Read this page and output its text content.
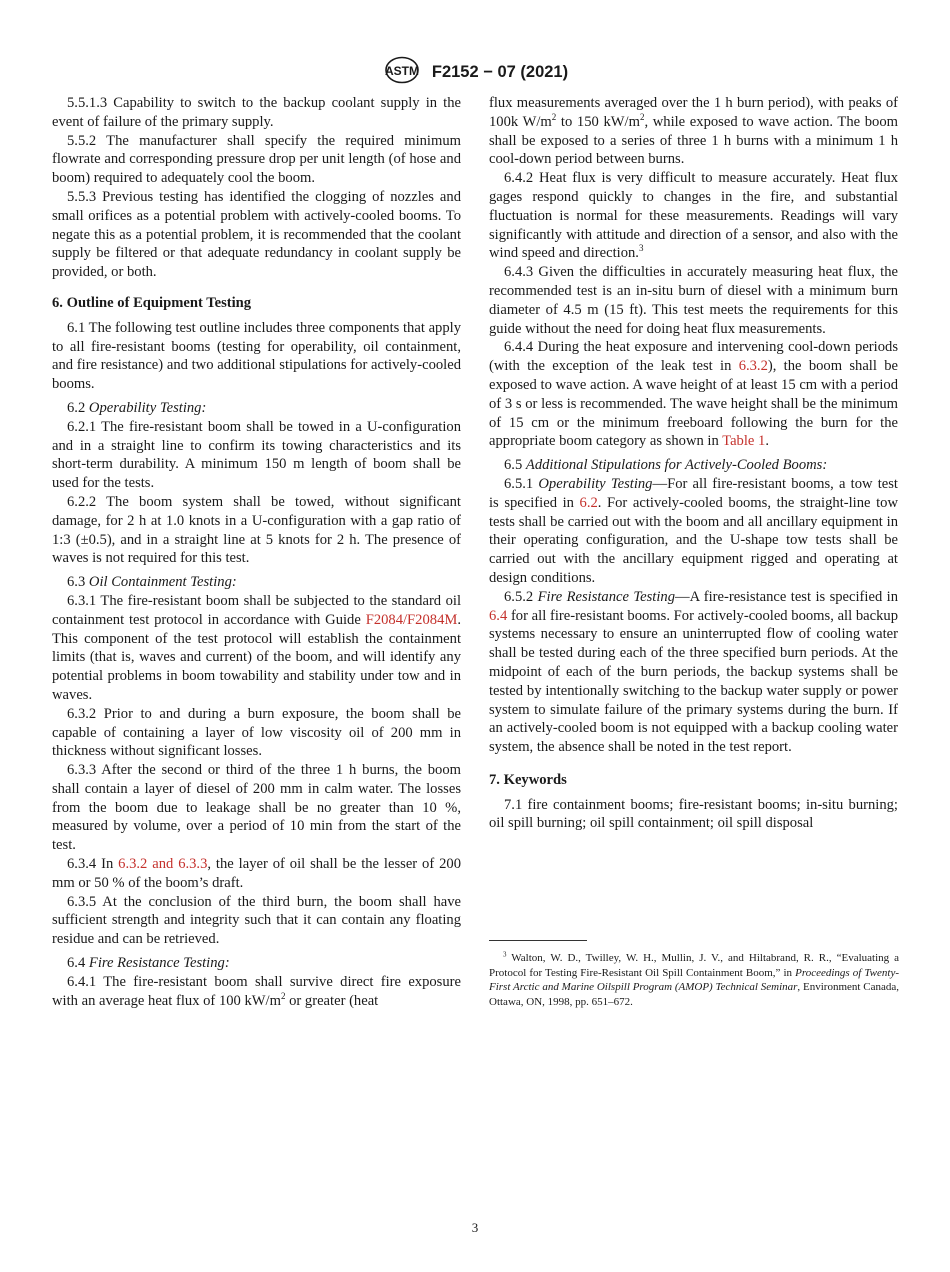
ASTM F2152 − 07 (2021)

5.5.1.3 Capability to switch to the backup coolant supply in the event of failure of the primary supply.

5.5.2 The manufacturer shall specify the required minimum flowrate and corresponding pressure drop per unit length (of hose and boom) required to adequately cool the boom.

5.5.3 Previous testing has identified the clogging of nozzles and small orifices as a potential problem with actively-cooled booms. To negate this as a potential problem, it is recommended that the coolant supply be filtered or that adequate redundancy in coolant supply be provided, or both.

6. Outline of Equipment Testing

6.1 The following test outline includes three components that apply to all fire-resistant booms (testing for operability, oil containment, and fire resistance) and two additional stipulations for actively-cooled booms.

6.2 Operability Testing:

6.2.1 The fire-resistant boom shall be towed in a U-configuration and in a straight line to confirm its towing characteristics and its short-term durability. A minimum 150 m length of boom shall be used for the tests.

6.2.2 The boom system shall be towed, without significant damage, for 2 h at 1.0 knots in a U-configuration with a gap ratio of 1:3 (±0.5), and in a straight line at 5 knots for 2 h. The presence of waves is not required for this test.

6.3 Oil Containment Testing:

6.3.1 The fire-resistant boom shall be subjected to the standard oil containment test protocol in accordance with Guide F2084/F2084M. This component of the test protocol will establish the containment limits (that is, waves and current) of the boom, and will identify any potential problems in boom towability and stability under tow and in waves.

6.3.2 Prior to and during a burn exposure, the boom shall be capable of containing a layer of low viscosity oil of 200 mm in thickness without significant losses.

6.3.3 After the second or third of the three 1 h burns, the boom shall contain a layer of diesel of 200 mm in calm water. The losses from the boom due to leakage shall be no greater than 10 %, measured by volume, over a period of 10 min from the start of the test.

6.3.4 In 6.3.2 and 6.3.3, the layer of oil shall be the lesser of 200 mm or 50 % of the boom’s draft.

6.3.5 At the conclusion of the third burn, the boom shall have sufficient strength and integrity such that it can contain any floating residue and can be retrieved.

6.4 Fire Resistance Testing:

6.4.1 The fire-resistant boom shall survive direct fire exposure with an average heat flux of 100 $kW/m^2$ or greater (heat

flux measurements averaged over the 1 h burn period), with peaks of 100k $W/m^2$ to 150 $kW/m^2$, while exposed to wave action. The boom shall be exposed to a series of three 1 h burns with a minimum 1 h cool-down period between burns.

6.4.2 Heat flux is very difficult to measure accurately. Heat flux gages respond quickly to changes in the fire, and substantial fluctuation is normal for these measurements. Readings will vary significantly with attitude and direction of a sensor, and also with the wind speed and direction.$^3$

6.4.3 Given the difficulties in accurately measuring heat flux, the recommended test is an in-situ burn of diesel with a minimum burn diameter of 4.5 m (15 ft). This test meets the requirements for this guide without the need for doing heat flux measurements.

6.4.4 During the heat exposure and intervening cool-down periods (with the exception of the leak test in 6.3.2), the boom shall be exposed to wave action. A wave height of at least 15 cm with a period of 3 s or less is recommended. The wave height shall be the minimum of 15 cm or the minimum freeboard following the burn for the appropriate boom category as shown in Table 1.

6.5 Additional Stipulations for Actively-Cooled Booms:

6.5.1 Operability Testing—For all fire-resistant booms, a tow test is specified in 6.2. For actively-cooled booms, the straight-line tow tests shall be carried out with the boom and all ancillary equipment in their operating configuration, and the U-shape tow tests shall be carried out with the ancillary equipment rigged and operating at design conditions.

6.5.2 Fire Resistance Testing—A fire-resistance test is specified in 6.4 for all fire-resistant booms. For actively-cooled booms, all backup systems necessary to ensure an uninterrupted flow of cooling water shall be tested during each of the three specified burn periods. At the midpoint of each of the burn periods, the backup systems shall be tested by intentionally switching to the backup water supply or power system to simulate failure of the primary systems during the burn. If an actively-cooled boom is not equipped with a backup cooling water system, the absence shall be noted in the test report.

7. Keywords

7.1 fire containment booms; fire-resistant booms; in-situ burning; oil spill burning; oil spill containment; oil spill disposal

$^3$ Walton, W. D., Twilley, W. H., Mullin, J. V., and Hiltabrand, R. R., “Evaluating a Protocol for Testing Fire-Resistant Oil Spill Containment Boom,” in Proceedings of Twenty-First Arctic and Marine Oilspill Program (AMOP) Technical Seminar, Environment Canada, Ottawa, ON, 1998, pp. 651–672.
3
